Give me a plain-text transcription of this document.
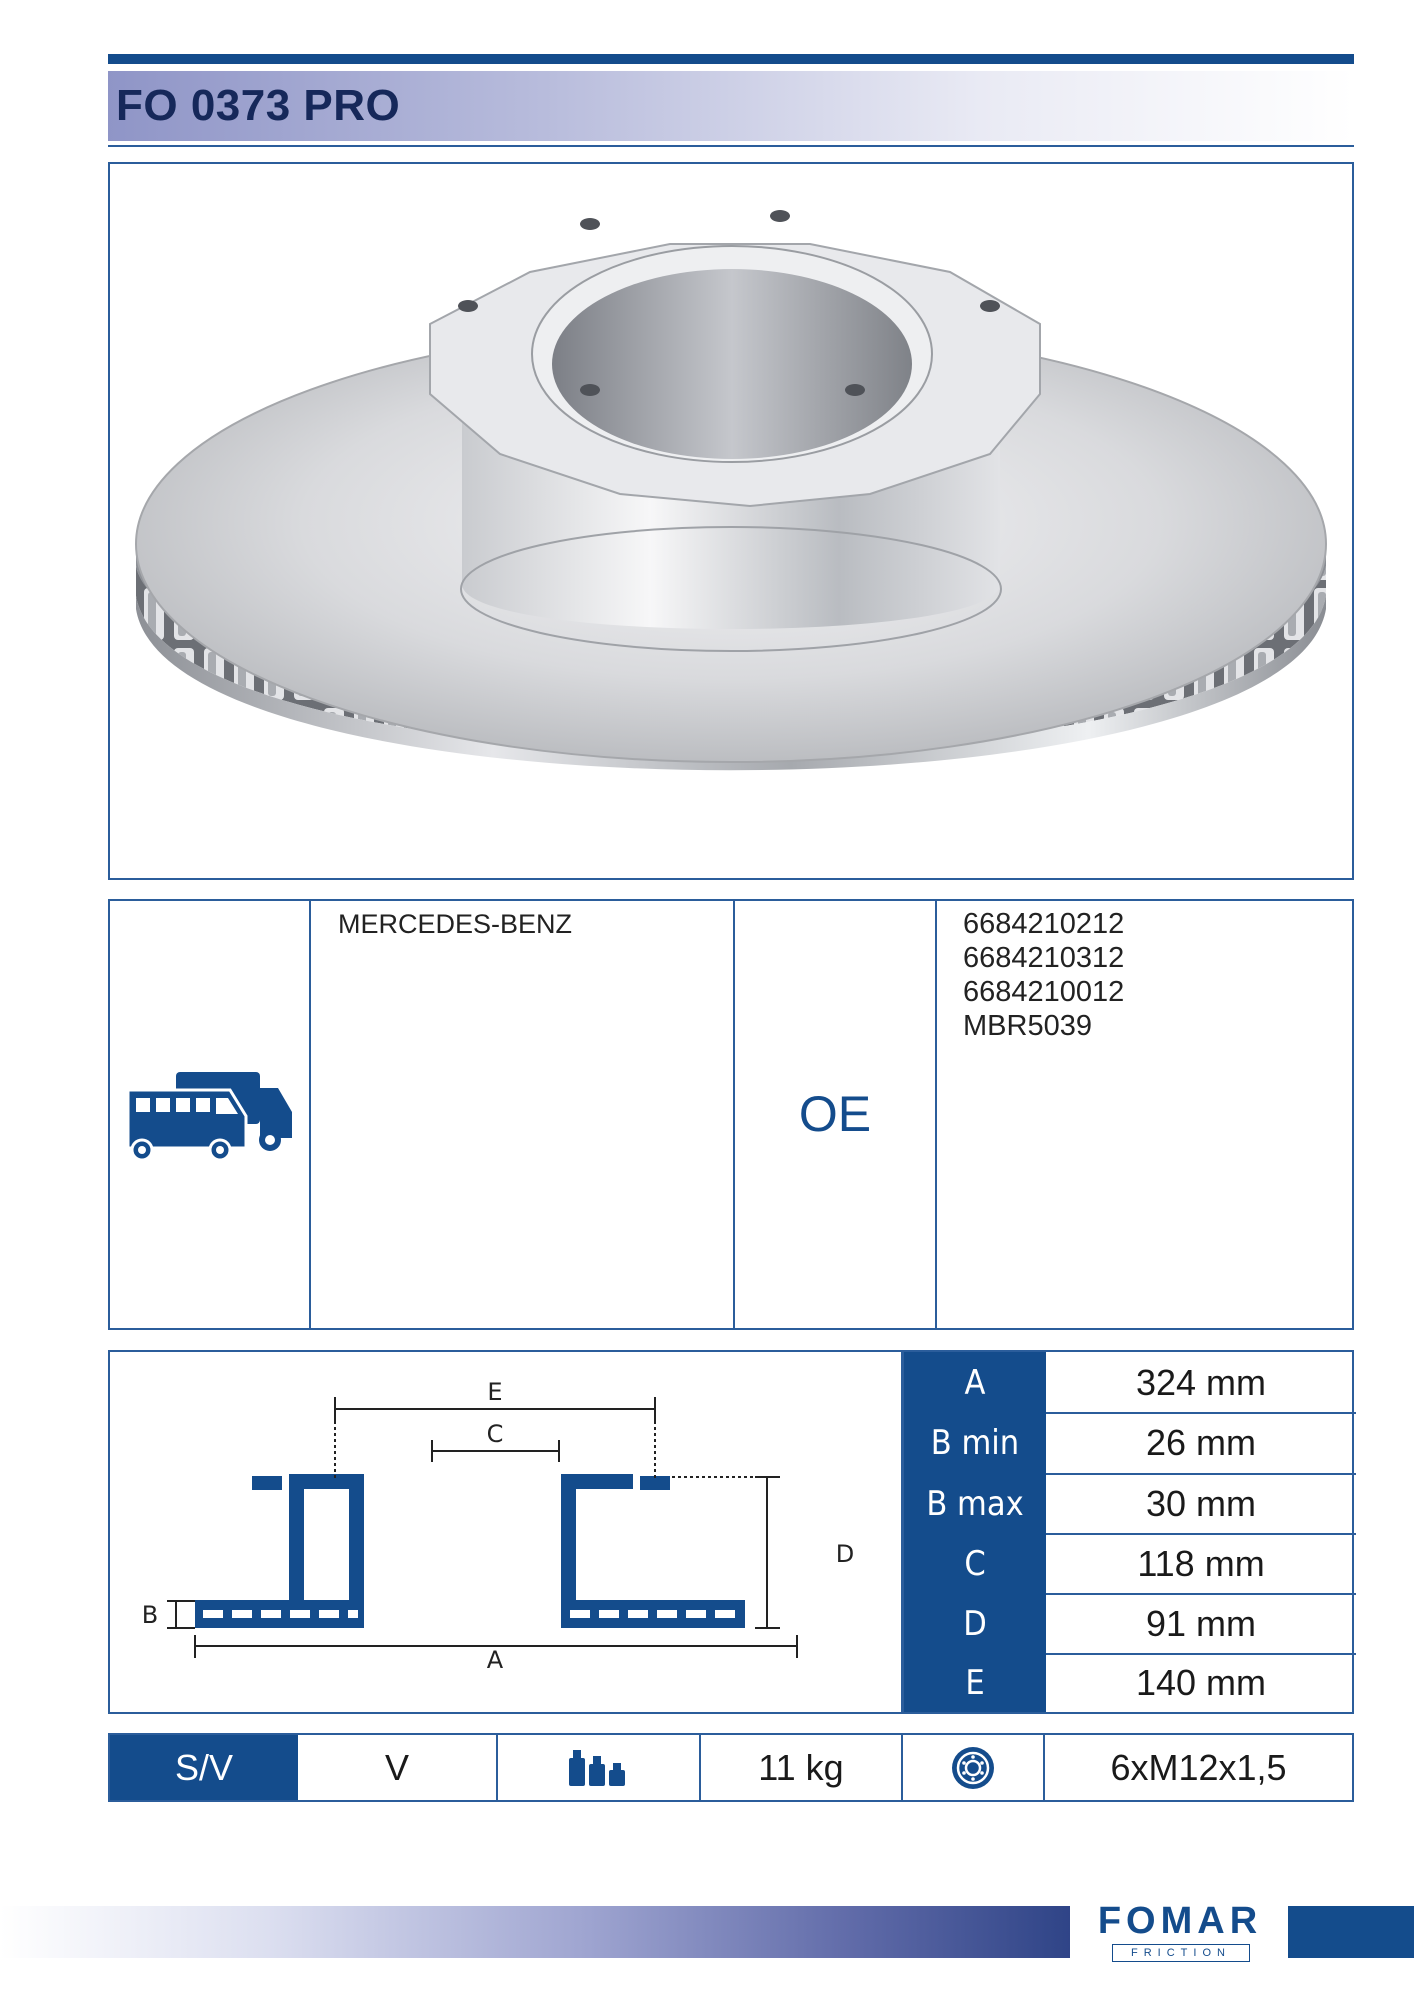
FO 0373 PRO
MERCEDES-BENZ
OE
6684210212
6684210312
6684210012
MBR5039
E
C
D
A
B
A	324 mm
B min	26 mm
B max	30 mm
C	118 mm
D	91 mm
E	140 mm
S/V	V	11 kg	6xM12x1,5
FOMAR
FRICTION
